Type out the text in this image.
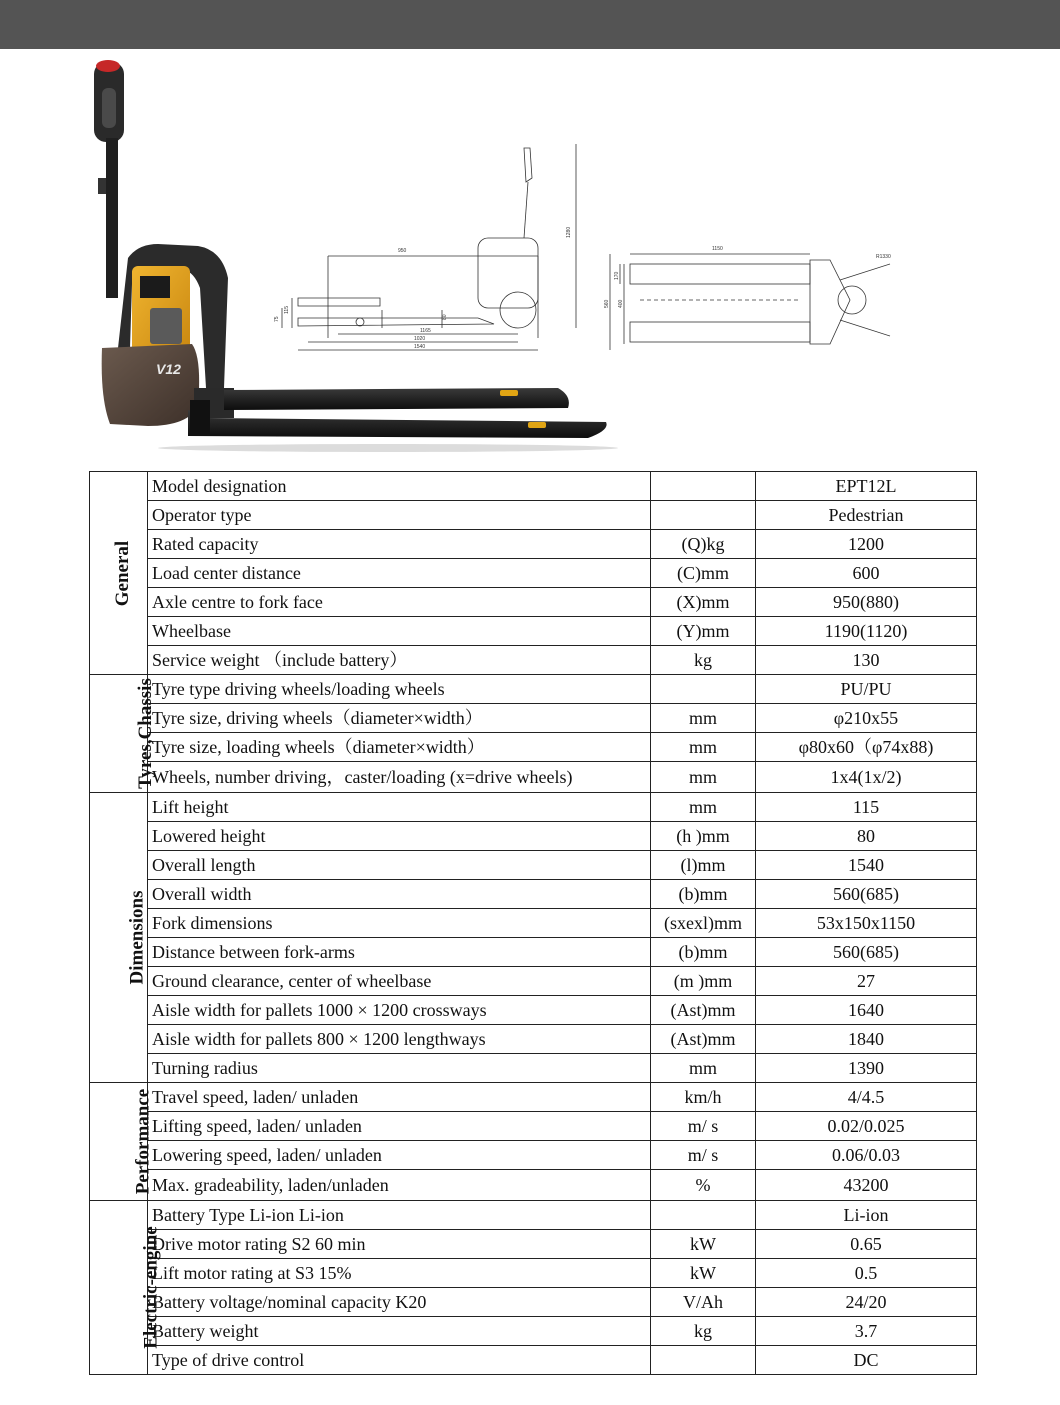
V12
950
1280
115
75	80
1165
1020
1540
1150
R1330
170
560 400
General	Model designation		EPT12L
	Operator type		Pedestrian
	Rated capacity	(Q)kg	1200
	Load center distance	(C)mm	600
	Axle centre to fork face	(X)mm	950(880)
	Wheelbase	(Y)mm	1190(1120)
	Service weight （include battery）	kg	130
Tyres,Chassis	Tyre type driving wheels/loading wheels		PU/PU
	Tyre size, driving wheels（diameter×width）	mm	φ210x55
	Tyre size, loading wheels（diameter×width）	mm	φ80x60（φ74x88)
	Wheels, number driving，caster/loading (x=drive wheels)	mm	1x4(1x/2)
Dimensions	Lift height	mm	115
	Lowered height	(h )mm	80
	Overall length	(l)mm	1540
	Overall width	(b)mm	560(685)
	Fork dimensions	(sxexl)mm	53x150x1150
	Distance between fork-arms	(b)mm	560(685)
	Ground clearance, center of wheelbase	(m )mm	27
	Aisle width for pallets 1000 × 1200 crossways	(Ast)mm	1640
	Aisle width for pallets 800 × 1200 lengthways	(Ast)mm	1840
	Turning radius	mm	1390
Performance	Travel speed, laden/ unladen	km/h	4/4.5
	Lifting speed, laden/ unladen	m/ s	0.02/0.025
	Lowering speed, laden/ unladen	m/ s	0.06/0.03
	Max. gradeability, laden/unladen	%	43200
Electric-engine	Battery Type Li-ion Li-ion		Li-ion
	Drive motor rating S2 60 min	kW	0.65
	Lift motor rating at S3 15%	kW	0.5
	Battery voltage/nominal capacity K20	V/Ah	24/20
	Battery weight	kg	3.7
	Type of drive control		DC
